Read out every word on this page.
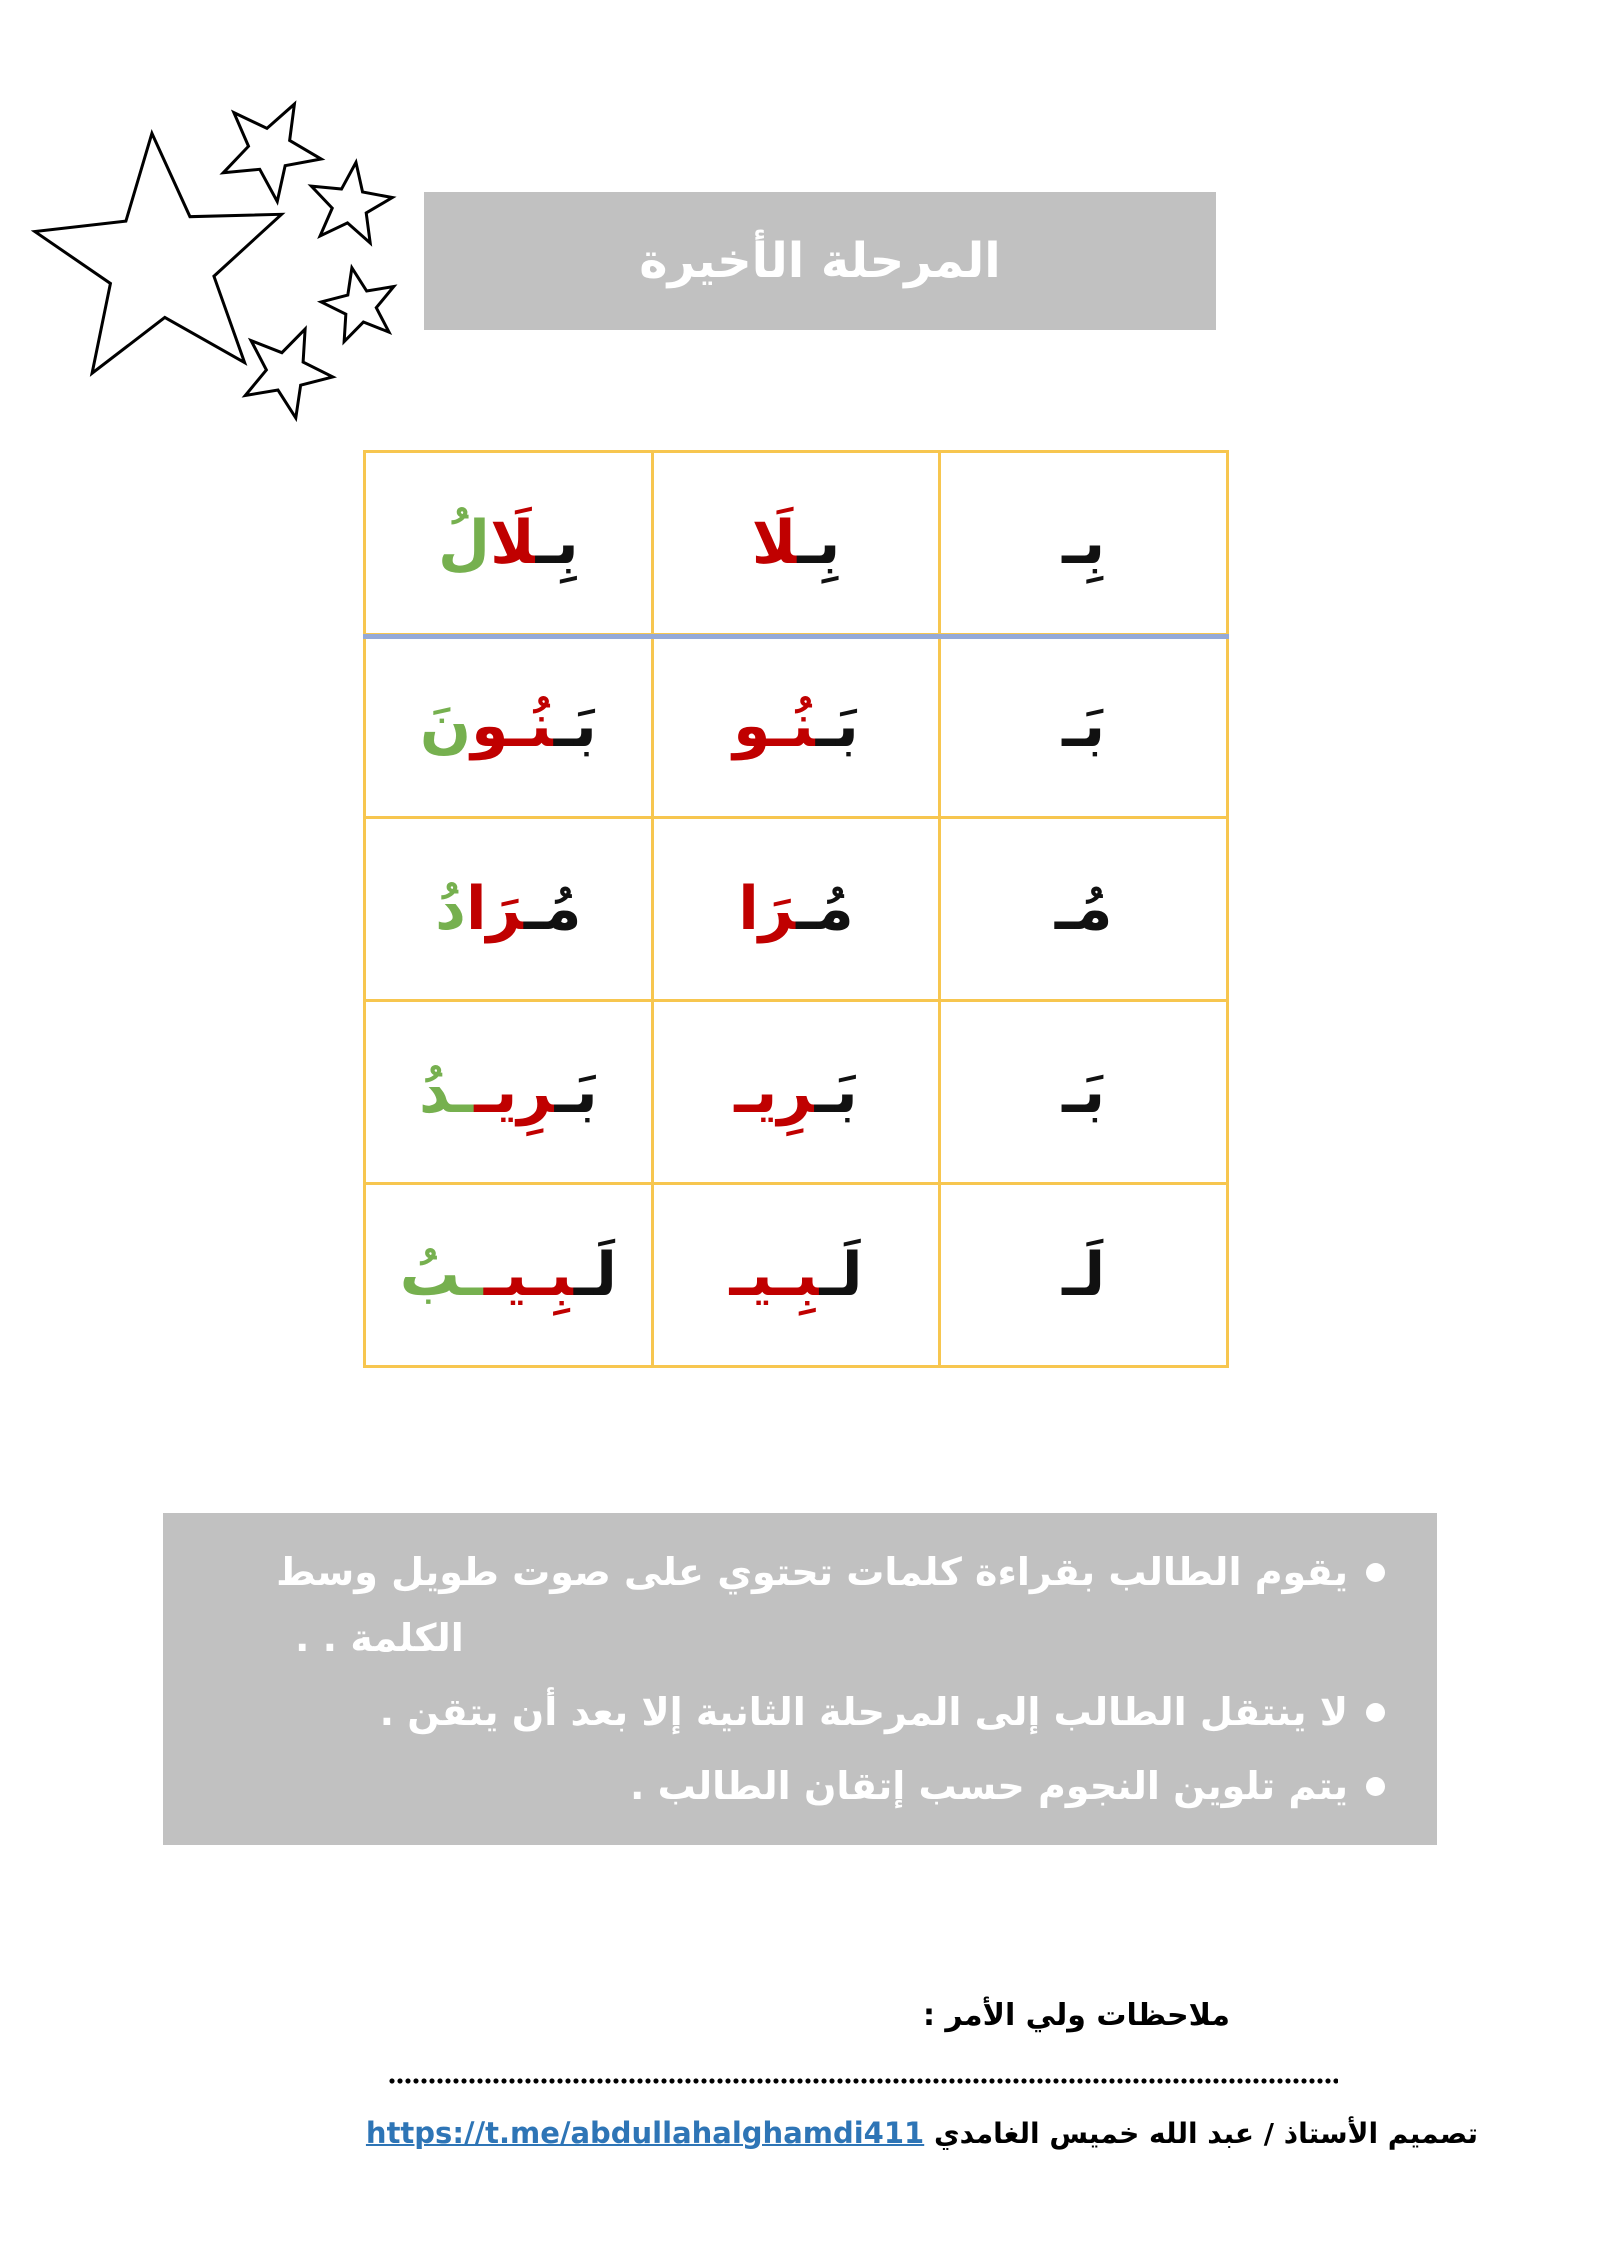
المرحلة الأخيرة
بِـ	بِـلَا	بِـلَالُ
بَـ	بَـنُـو	بَـنُـونَ
مُـ	مُـرَا	مُـرَادُ
بَـ	بَـرِيـ	بَـرِيــدُ
لَـ	لَـبِـيـ	لَـبِـيــبُ
يقوم الطالب بقراءة كلمات تحتوي على صوت طويل وسط
الكلمة . .
لا ينتقل الطالب إلى المرحلة الثانية إلا بعد أن يتقن .
يتم تلوين النجوم حسب إتقان الطالب .
ملاحظات ولي الأمر :
تصميم الأستاذ / عبد الله خميس الغامدي https://t.me/abdullahalghamdi411
